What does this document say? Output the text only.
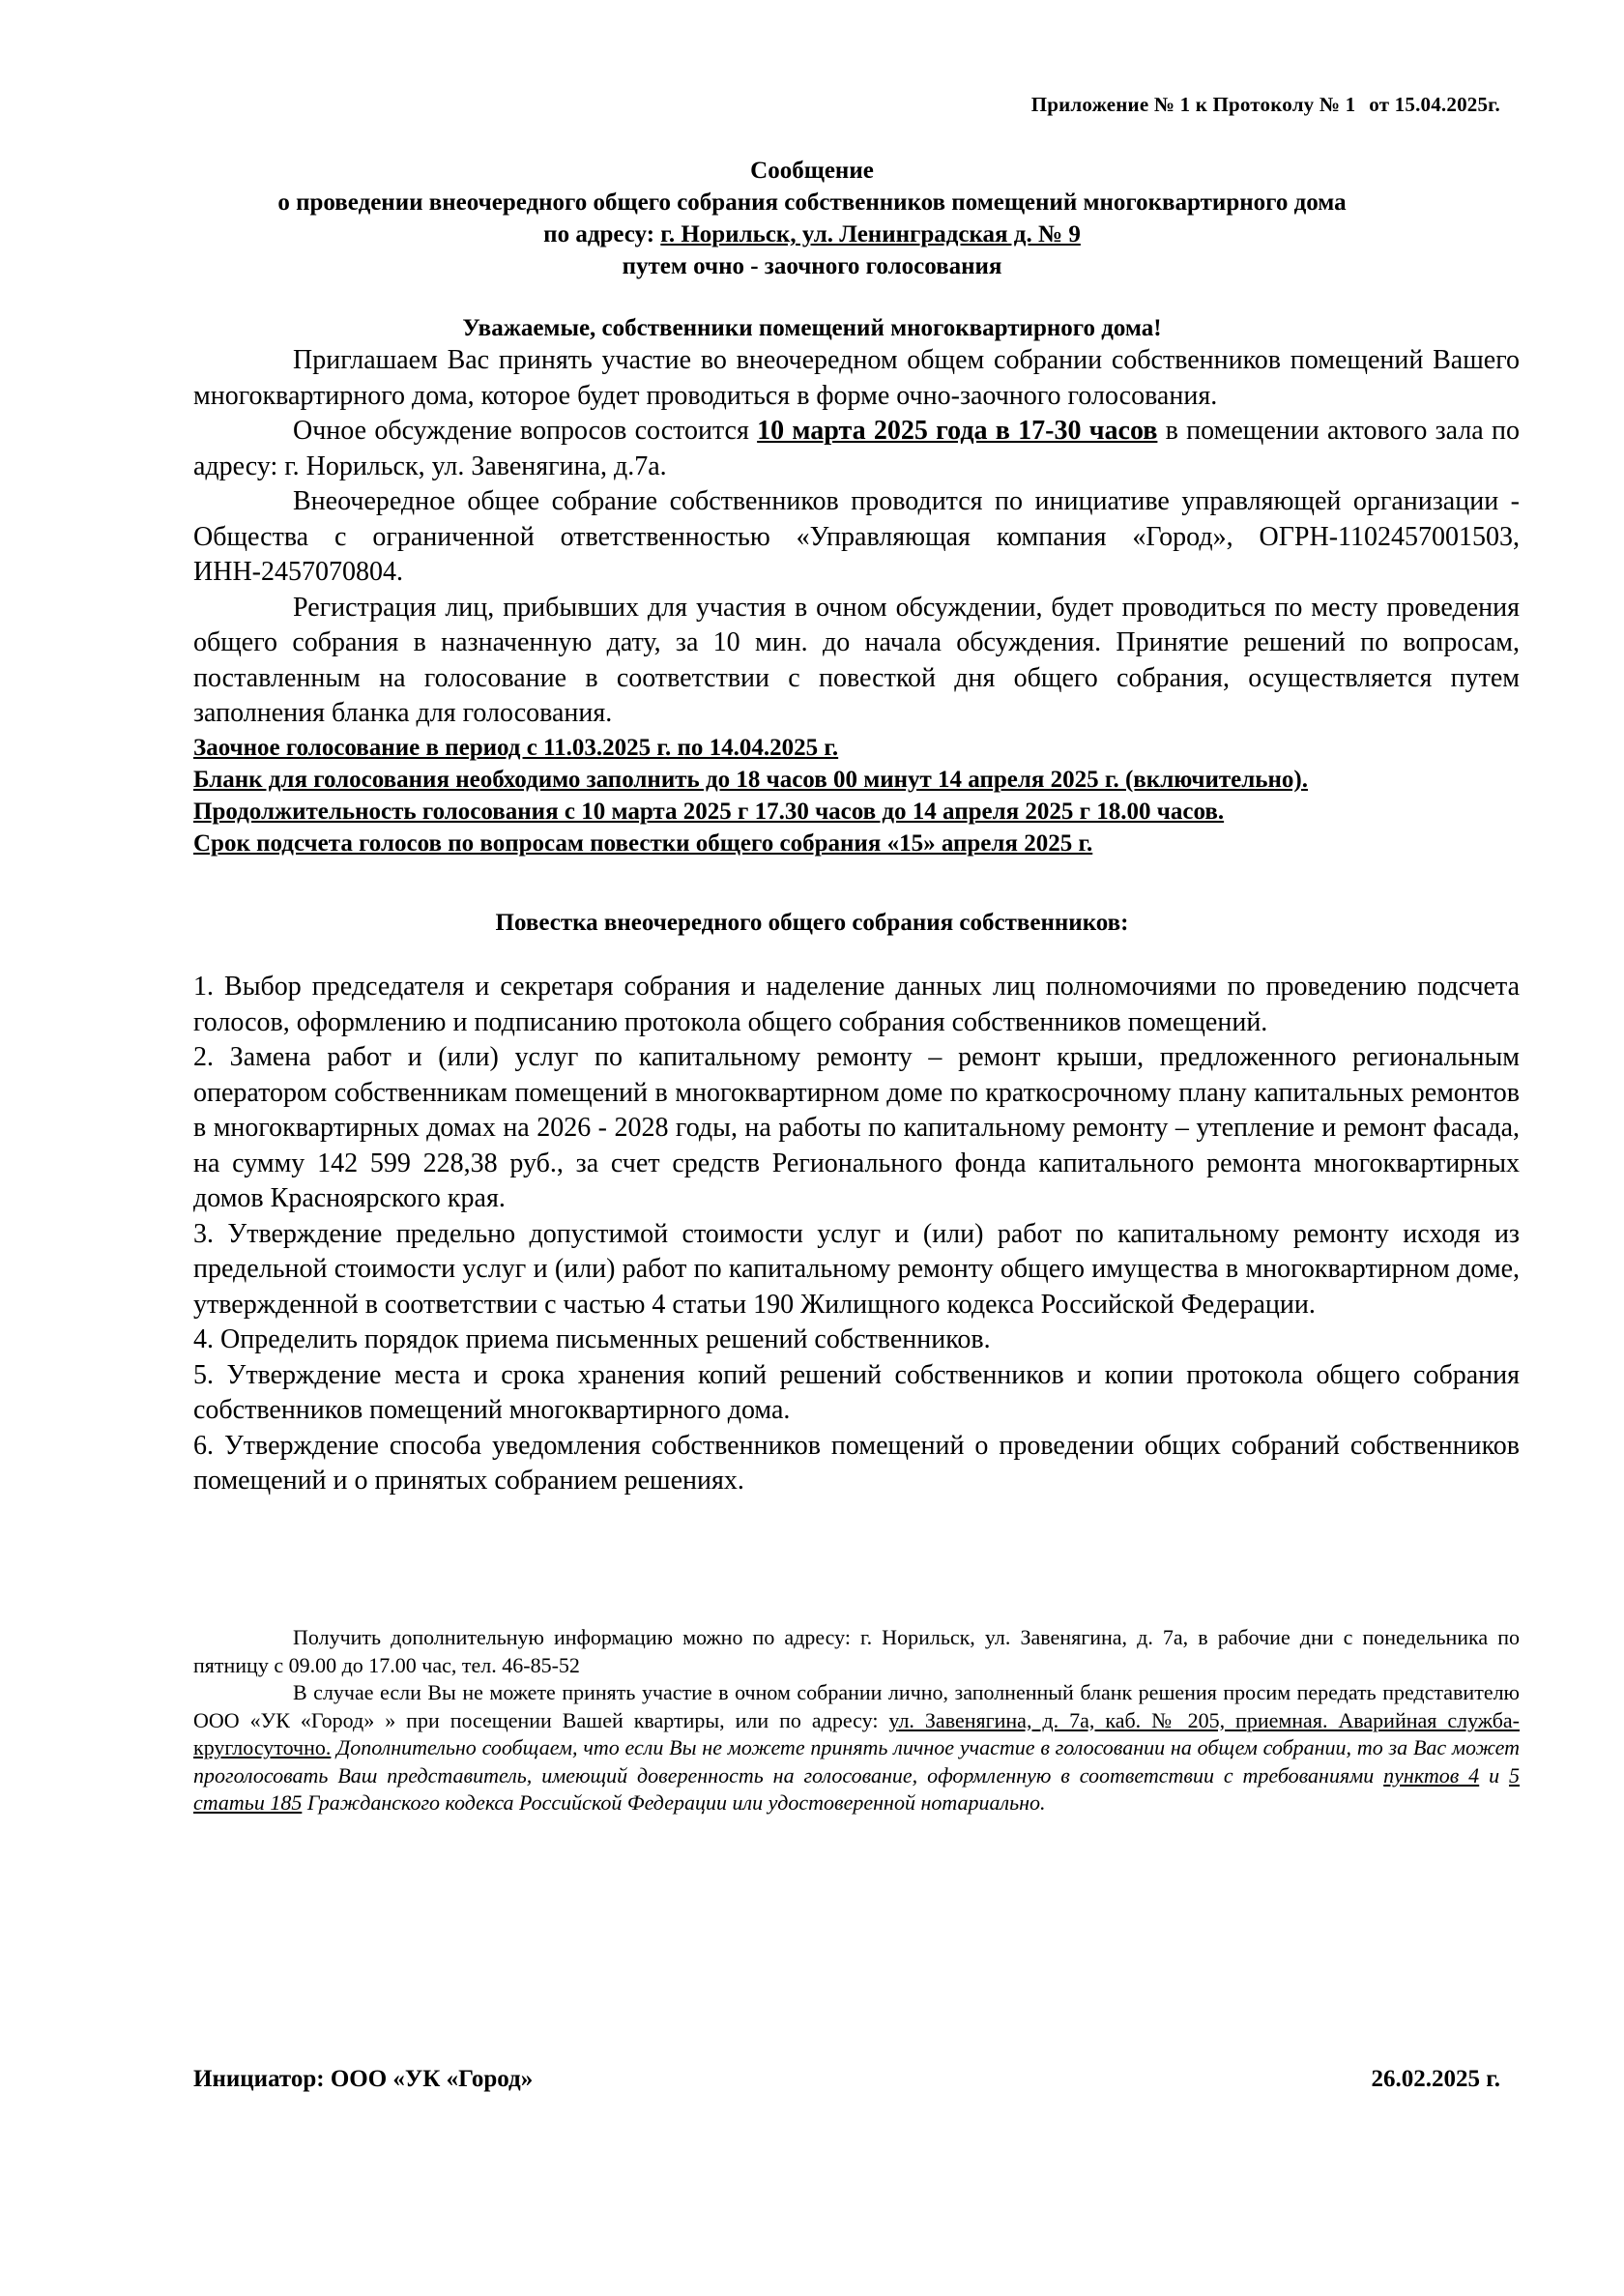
Приложение № 1 к Протоколу № 1 от 15.04.2025г.
Сообщение
о проведении внеочередного общего собрания собственников помещений многоквартирного дома
по адресу: г. Норильск, ул. Ленинградская д. № 9
путем очно - заочного голосования
Уважаемые, собственники помещений многоквартирного дома!

Приглашаем Вас принять участие во внеочередном общем собрании собственников помещений Вашего многоквартирного дома, которое будет проводиться в форме очно-заочного голосования.

Очное обсуждение вопросов состоится 10 марта 2025 года в 17-30 часов в помещении актового зала по адресу: г. Норильск, ул. Завенягина, д.7а.

Внеочередное общее собрание собственников проводится по инициативе управляющей организации - Общества с ограниченной ответственностью «Управляющая компания «Город», ОГРН-1102457001503, ИНН-2457070804.

Регистрация лиц, прибывших для участия в очном обсуждении, будет проводиться по месту проведения общего собрания в назначенную дату, за 10 мин. до начала обсуждения. Принятие решений по вопросам, поставленным на голосование в соответствии с повесткой дня общего собрания, осуществляется путем заполнения бланка для голосования.

Заочное голосование в период с 11.03.2025 г. по 14.04.2025 г.
Бланк для голосования необходимо заполнить до 18 часов 00 минут 14 апреля 2025 г. (включительно).
Продолжительность голосования с 10 марта 2025 г 17.30 часов до 14 апреля 2025 г 18.00 часов.
Срок подсчета голосов по вопросам повестки общего собрания «15» апреля 2025 г.
Повестка внеочередного общего собрания собственников:

1. Выбор председателя и секретаря собрания и наделение данных лиц полномочиями по проведению подсчета голосов, оформлению и подписанию протокола общего собрания собственников помещений.

2. Замена работ и (или) услуг по капитальному ремонту – ремонт крыши, предложенного региональным оператором собственникам помещений в многоквартирном доме по краткосрочному плану капитальных ремонтов в многоквартирных домах на 2026 - 2028 годы, на работы по капитальному ремонту – утепление и ремонт фасада, на сумму 142 599 228,38 руб., за счет средств Регионального фонда капитального ремонта многоквартирных домов Красноярского края.

3. Утверждение предельно допустимой стоимости услуг и (или) работ по капитальному ремонту исходя из предельной стоимости услуг и (или) работ по капитальному ремонту общего имущества в многоквартирном доме, утвержденной в соответствии с частью 4 статьи 190 Жилищного кодекса Российской Федерации.

4. Определить порядок приема письменных решений собственников.

5. Утверждение места и срока хранения копий решений собственников и копии протокола общего собрания собственников помещений многоквартирного дома.

6. Утверждение способа уведомления собственников помещений о проведении общих собраний собственников помещений и о принятых собранием решениях.

Получить дополнительную информацию можно по адресу: г. Норильск, ул. Завенягина, д. 7а, в рабочие дни с понедельника по пятницу с 09.00 до 17.00 час, тел. 46-85-52

В случае если Вы не можете принять участие в очном собрании лично, заполненный бланк решения просим передать представителю ООО «УК «Город» » при посещении Вашей квартиры, или по адресу: ул. Завенягина, д. 7а, каб. № 205, приемная. Аварийная служба- круглосуточно. Дополнительно сообщаем, что если Вы не можете принять личное участие в голосовании на общем собрании, то за Вас может проголосовать Ваш представитель, имеющий доверенность на голосование, оформленную в соответствии с требованиями пунктов 4 и 5 статьи 185 Гражданского кодекса Российской Федерации или удостоверенной нотариально.

Инициатор: ООО «УК «Город»	26.02.2025 г.
